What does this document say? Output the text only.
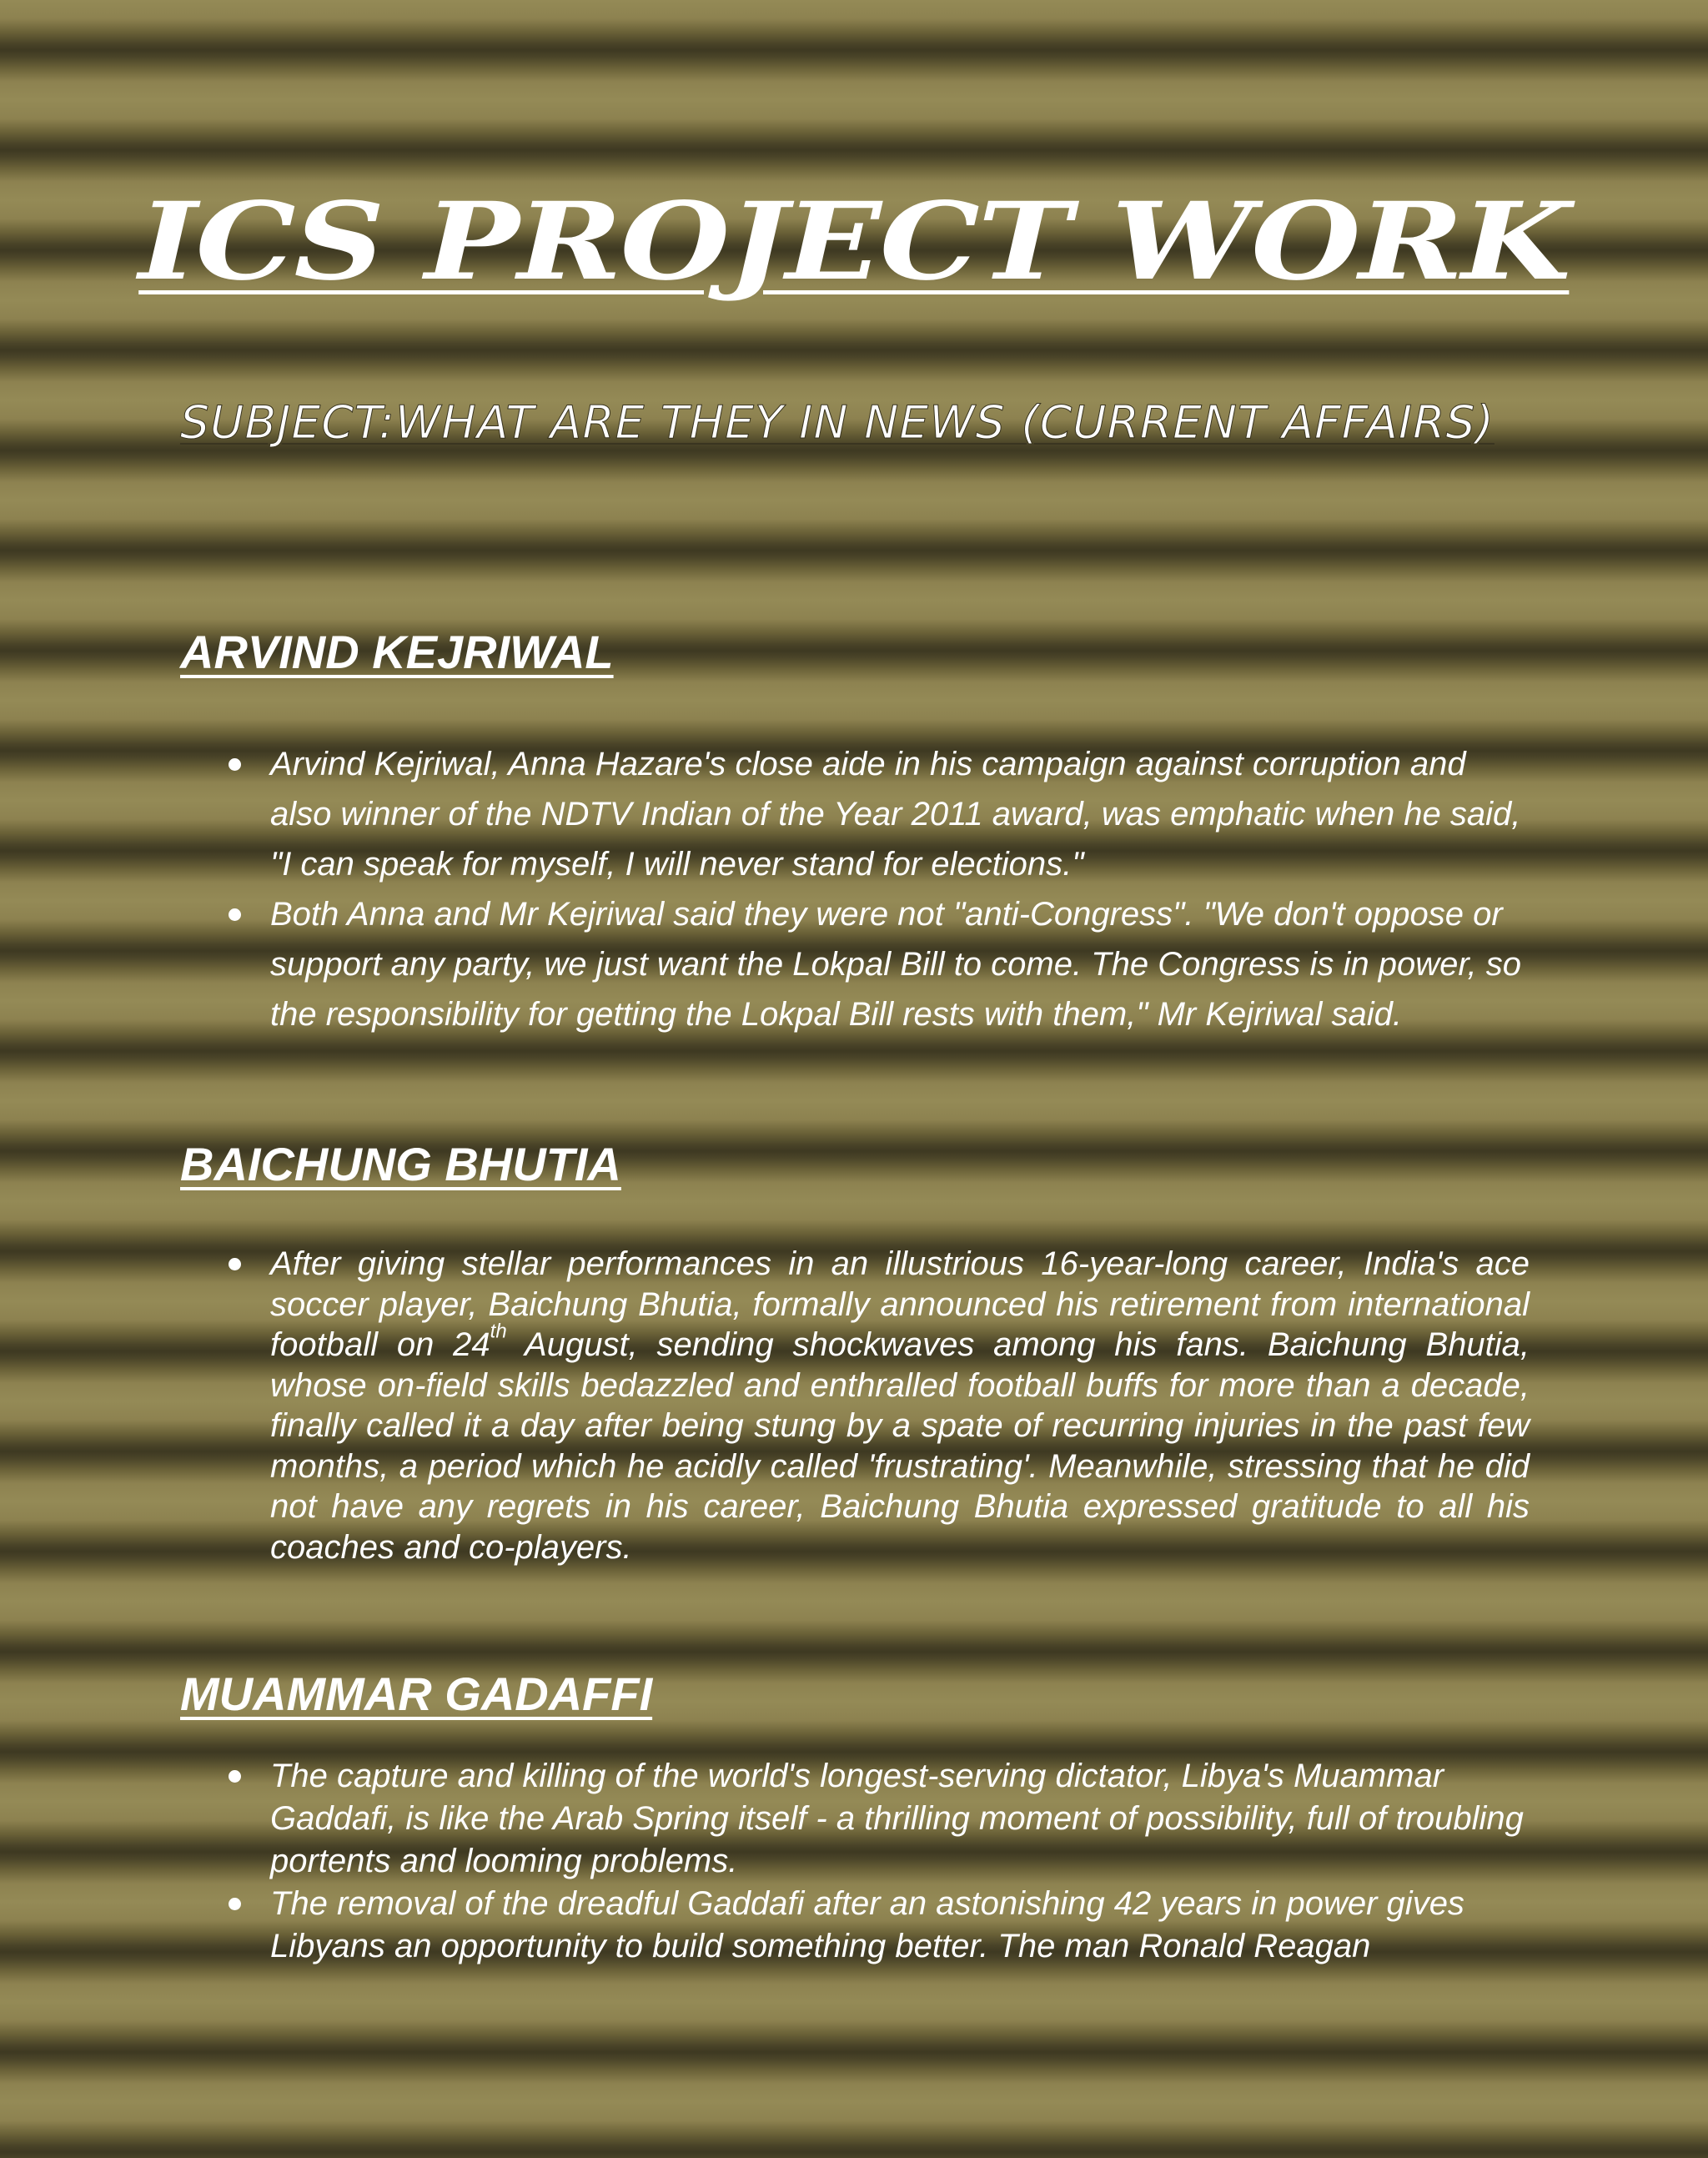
ICS PROJECT WORK
SUBJECT:WHAT ARE THEY IN NEWS (CURRENT AFFAIRS)
ARVIND KEJRIWAL
Arvind Kejriwal, Anna Hazare's close aide in his campaign against corruption and also winner of the NDTV Indian of the Year 2011 award, was emphatic when he said, "I can speak for myself, I will never stand for elections."
Both Anna and Mr Kejriwal said they were not "anti-Congress". "We don't oppose or support any party, we just want the Lokpal Bill to come. The Congress is in power, so the responsibility for getting the Lokpal Bill rests with them," Mr Kejriwal said.
BAICHUNG BHUTIA
After giving stellar performances in an illustrious 16-year-long career, India's ace soccer player, Baichung Bhutia, formally announced his retirement from international football on 24th August, sending shockwaves among his fans. Baichung Bhutia, whose on-field skills bedazzled and enthralled football buffs for more than a decade, finally called it a day after being stung by a spate of recurring injuries in the past few months, a period which he acidly called 'frustrating'. Meanwhile, stressing that he did not have any regrets in his career, Baichung Bhutia expressed gratitude to all his coaches and co-players.
MUAMMAR GADAFFI
The capture and killing of the world's longest-serving dictator, Libya's Muammar Gaddafi, is like the Arab Spring itself - a thrilling moment of possibility, full of troubling portents and looming problems.
The removal of the dreadful Gaddafi after an astonishing 42 years in power gives Libyans an opportunity to build something better. The man Ronald Reagan
